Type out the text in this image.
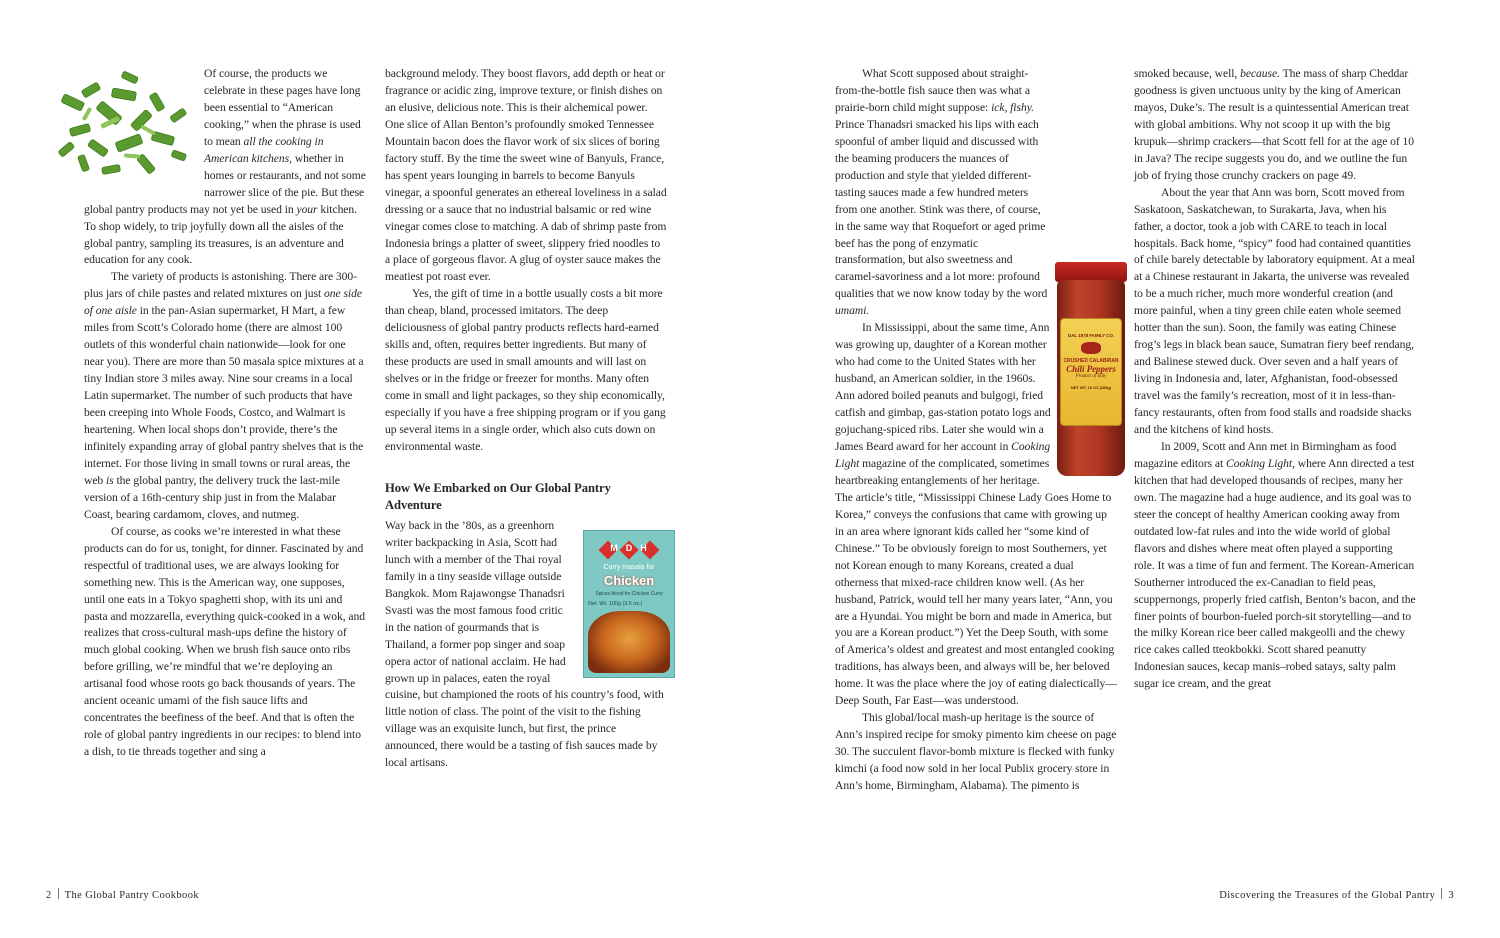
Of course, the products we celebrate in these pages have long been essential to “American cooking,” when the phrase is used to mean all the cooking in American kitchens, whether in homes or restaurants, and not some narrower slice of the pie. But these global pantry products may not yet be used in your kitchen. To shop widely, to trip joyfully down all the aisles of the global pantry, sampling its treasures, is an adventure and education for any cook.

The variety of products is astonishing. There are 300-plus jars of chile pastes and related mixtures on just one side of one aisle in the pan-Asian supermarket, H Mart, a few miles from Scott’s Colorado home (there are almost 100 outlets of this wonderful chain nationwide—look for one near you). There are more than 50 masala spice mixtures at a tiny Indian store 3 miles away. Nine sour creams in a local Latin supermarket. The number of such products that have been creeping into Whole Foods, Costco, and Walmart is heartening. When local shops don’t provide, there’s the infinitely expanding array of global pantry shelves that is the internet. For those living in small towns or rural areas, the web is the global pantry, the delivery truck the last-mile version of a 16th-century ship just in from the Malabar Coast, bearing cardamom, cloves, and nutmeg.

Of course, as cooks we’re interested in what these products can do for us, tonight, for dinner. Fascinated by and respectful of traditional uses, we are always looking for something new. This is the American way, one supposes, until one eats in a Tokyo spaghetti shop, with its uni and pasta and mozzarella, everything quick-cooked in a wok, and realizes that cross-cultural mash-ups define the history of much global cooking. When we brush fish sauce onto ribs before grilling, we’re mindful that we’re deploying an artisanal food whose roots go back thousands of years. The ancient oceanic umami of the fish sauce lifts and concentrates the beefiness of the beef. And that is often the role of global pantry ingredients in our recipes: to blend into a dish, to tie threads together and sing a

background melody. They boost flavors, add depth or heat or fragrance or acidic zing, improve texture, or finish dishes on an elusive, delicious note. This is their alchemical power. One slice of Allan Benton’s profoundly smoked Tennessee Mountain bacon does the flavor work of six slices of boring factory stuff. By the time the sweet wine of Banyuls, France, has spent years lounging in barrels to become Banyuls vinegar, a spoonful generates an ethereal loveliness in a salad dressing or a sauce that no industrial balsamic or red wine vinegar comes close to matching. A dab of shrimp paste from Indonesia brings a platter of sweet, slippery fried noodles to a place of gorgeous flavor. A glug of oyster sauce makes the meatiest pot roast ever.

Yes, the gift of time in a bottle usually costs a bit more than cheap, bland, processed imitators. The deep deliciousness of global pantry products reflects hard-earned skills and, often, requires better ingredients. But many of these products are used in small amounts and will last on shelves or in the fridge or freezer for months. Many often come in small and light packages, so they ship economically, especially if you have a free shipping program or if you gang up several items in a single order, which also cuts down on environmental waste.

How We Embarked on Our Global Pantry Adventure
MDH
Curry masala for
Chicken
Spices blend for Chicken Curry
Net. Wt. 100g (3.5 oz.)

Way back in the ’80s, as a greenhorn writer backpacking in Asia, Scott had lunch with a member of the Thai royal family in a tiny seaside village outside Bangkok. Mom Rajawongse Thanadsri Svasti was the most famous food critic in the nation of gourmands that is Thailand, a former pop singer and soap opera actor of national acclaim. He had grown up in palaces, eaten the royal cuisine, but championed the roots of his country’s food, with little notion of class. The point of the visit to the fishing village was an exquisite lunch, but first, the prince announced, there would be a tasting of fish sauces made by local artisans.

DAL 1978 FAMILY CO.
CRUSHED CALABRIAN
Chili Peppers
Product of Italy
NET WT. 10 OZ (285g)

What Scott supposed about straight-from-the-bottle fish sauce then was what a prairie-born child might suppose: ick, fishy. Prince Thanadsri smacked his lips with each spoonful of amber liquid and discussed with the beaming producers the nuances of production and style that yielded different-tasting sauces made a few hundred meters from one another. Stink was there, of course, in the same way that Roquefort or aged prime beef has the pong of enzymatic transformation, but also sweetness and caramel-savoriness and a lot more: profound qualities that we now know today by the word umami.

In Mississippi, about the same time, Ann was growing up, daughter of a Korean mother who had come to the United States with her husband, an American soldier, in the 1960s. Ann adored boiled peanuts and bulgogi, fried catfish and gimbap, gas-station potato logs and gojuchang-spiced ribs. Later she would win a James Beard award for her account in Cooking Light magazine of the complicated, sometimes heartbreaking entanglements of her heritage. The article’s title, “Mississippi Chinese Lady Goes Home to Korea,” conveys the confusions that came with growing up in an area where ignorant kids called her “some kind of Chinese.” To be obviously foreign to most Southerners, yet not Korean enough to many Koreans, created a dual otherness that mixed-race children know well. (As her husband, Patrick, would tell her many years later, “Ann, you are a Hyundai. You might be born and made in America, but you are a Korean product.”) Yet the Deep South, with some of America’s oldest and greatest and most entangled cooking traditions, has always been, and always will be, her beloved home. It was the place where the joy of eating dialectically—Deep South, Far East—was understood.

This global/local mash-up heritage is the source of Ann’s inspired recipe for smoky pimento kim cheese on page 30. The succulent flavor-bomb mixture is flecked with funky kimchi (a food now sold in her local Publix grocery store in Ann’s home, Birmingham, Alabama). The pimento is

smoked because, well, because. The mass of sharp Cheddar goodness is given unctuous unity by the king of American mayos, Duke’s. The result is a quintessential American treat with global ambitions. Why not scoop it up with the big krupuk—shrimp crackers—that Scott fell for at the age of 10 in Java? The recipe suggests you do, and we outline the fun job of frying those crunchy crackers on page 49.

About the year that Ann was born, Scott moved from Saskatoon, Saskatchewan, to Surakarta, Java, when his father, a doctor, took a job with CARE to teach in local hospitals. Back home, “spicy” food had contained quantities of chile barely detectable by laboratory equipment. At a meal at a Chinese restaurant in Jakarta, the universe was revealed to be a much richer, much more wonderful creation (and more painful, when a tiny green chile eaten whole seemed hotter than the sun). Soon, the family was eating Chinese frog’s legs in black bean sauce, Sumatran fiery beef rendang, and Balinese stewed duck. Over seven and a half years of living in Indonesia and, later, Afghanistan, food-obsessed travel was the family’s recreation, most of it in less-than-fancy restaurants, often from food stalls and roadside shacks and the kitchens of kind hosts.

In 2009, Scott and Ann met in Birmingham as food magazine editors at Cooking Light, where Ann directed a test kitchen that had developed thousands of recipes, many her own. The magazine had a huge audience, and its goal was to steer the concept of healthy American cooking away from outdated low-fat rules and into the wide world of global flavors and dishes where meat often played a supporting role. It was a time of fun and ferment. The Korean-American Southerner introduced the ex-Canadian to field peas, scuppernongs, properly fried catfish, Benton’s bacon, and the finer points of bourbon-fueled porch-sit storytelling—and to the milky Korean rice beer called makgeolli and the chewy rice cakes called tteokbokki. Scott shared peanutty Indonesian sauces, kecap manis–robed satays, salty palm sugar ice cream, and the great

2 The Global Pantry Cookbook	Discovering the Treasures of the Global Pantry 3
